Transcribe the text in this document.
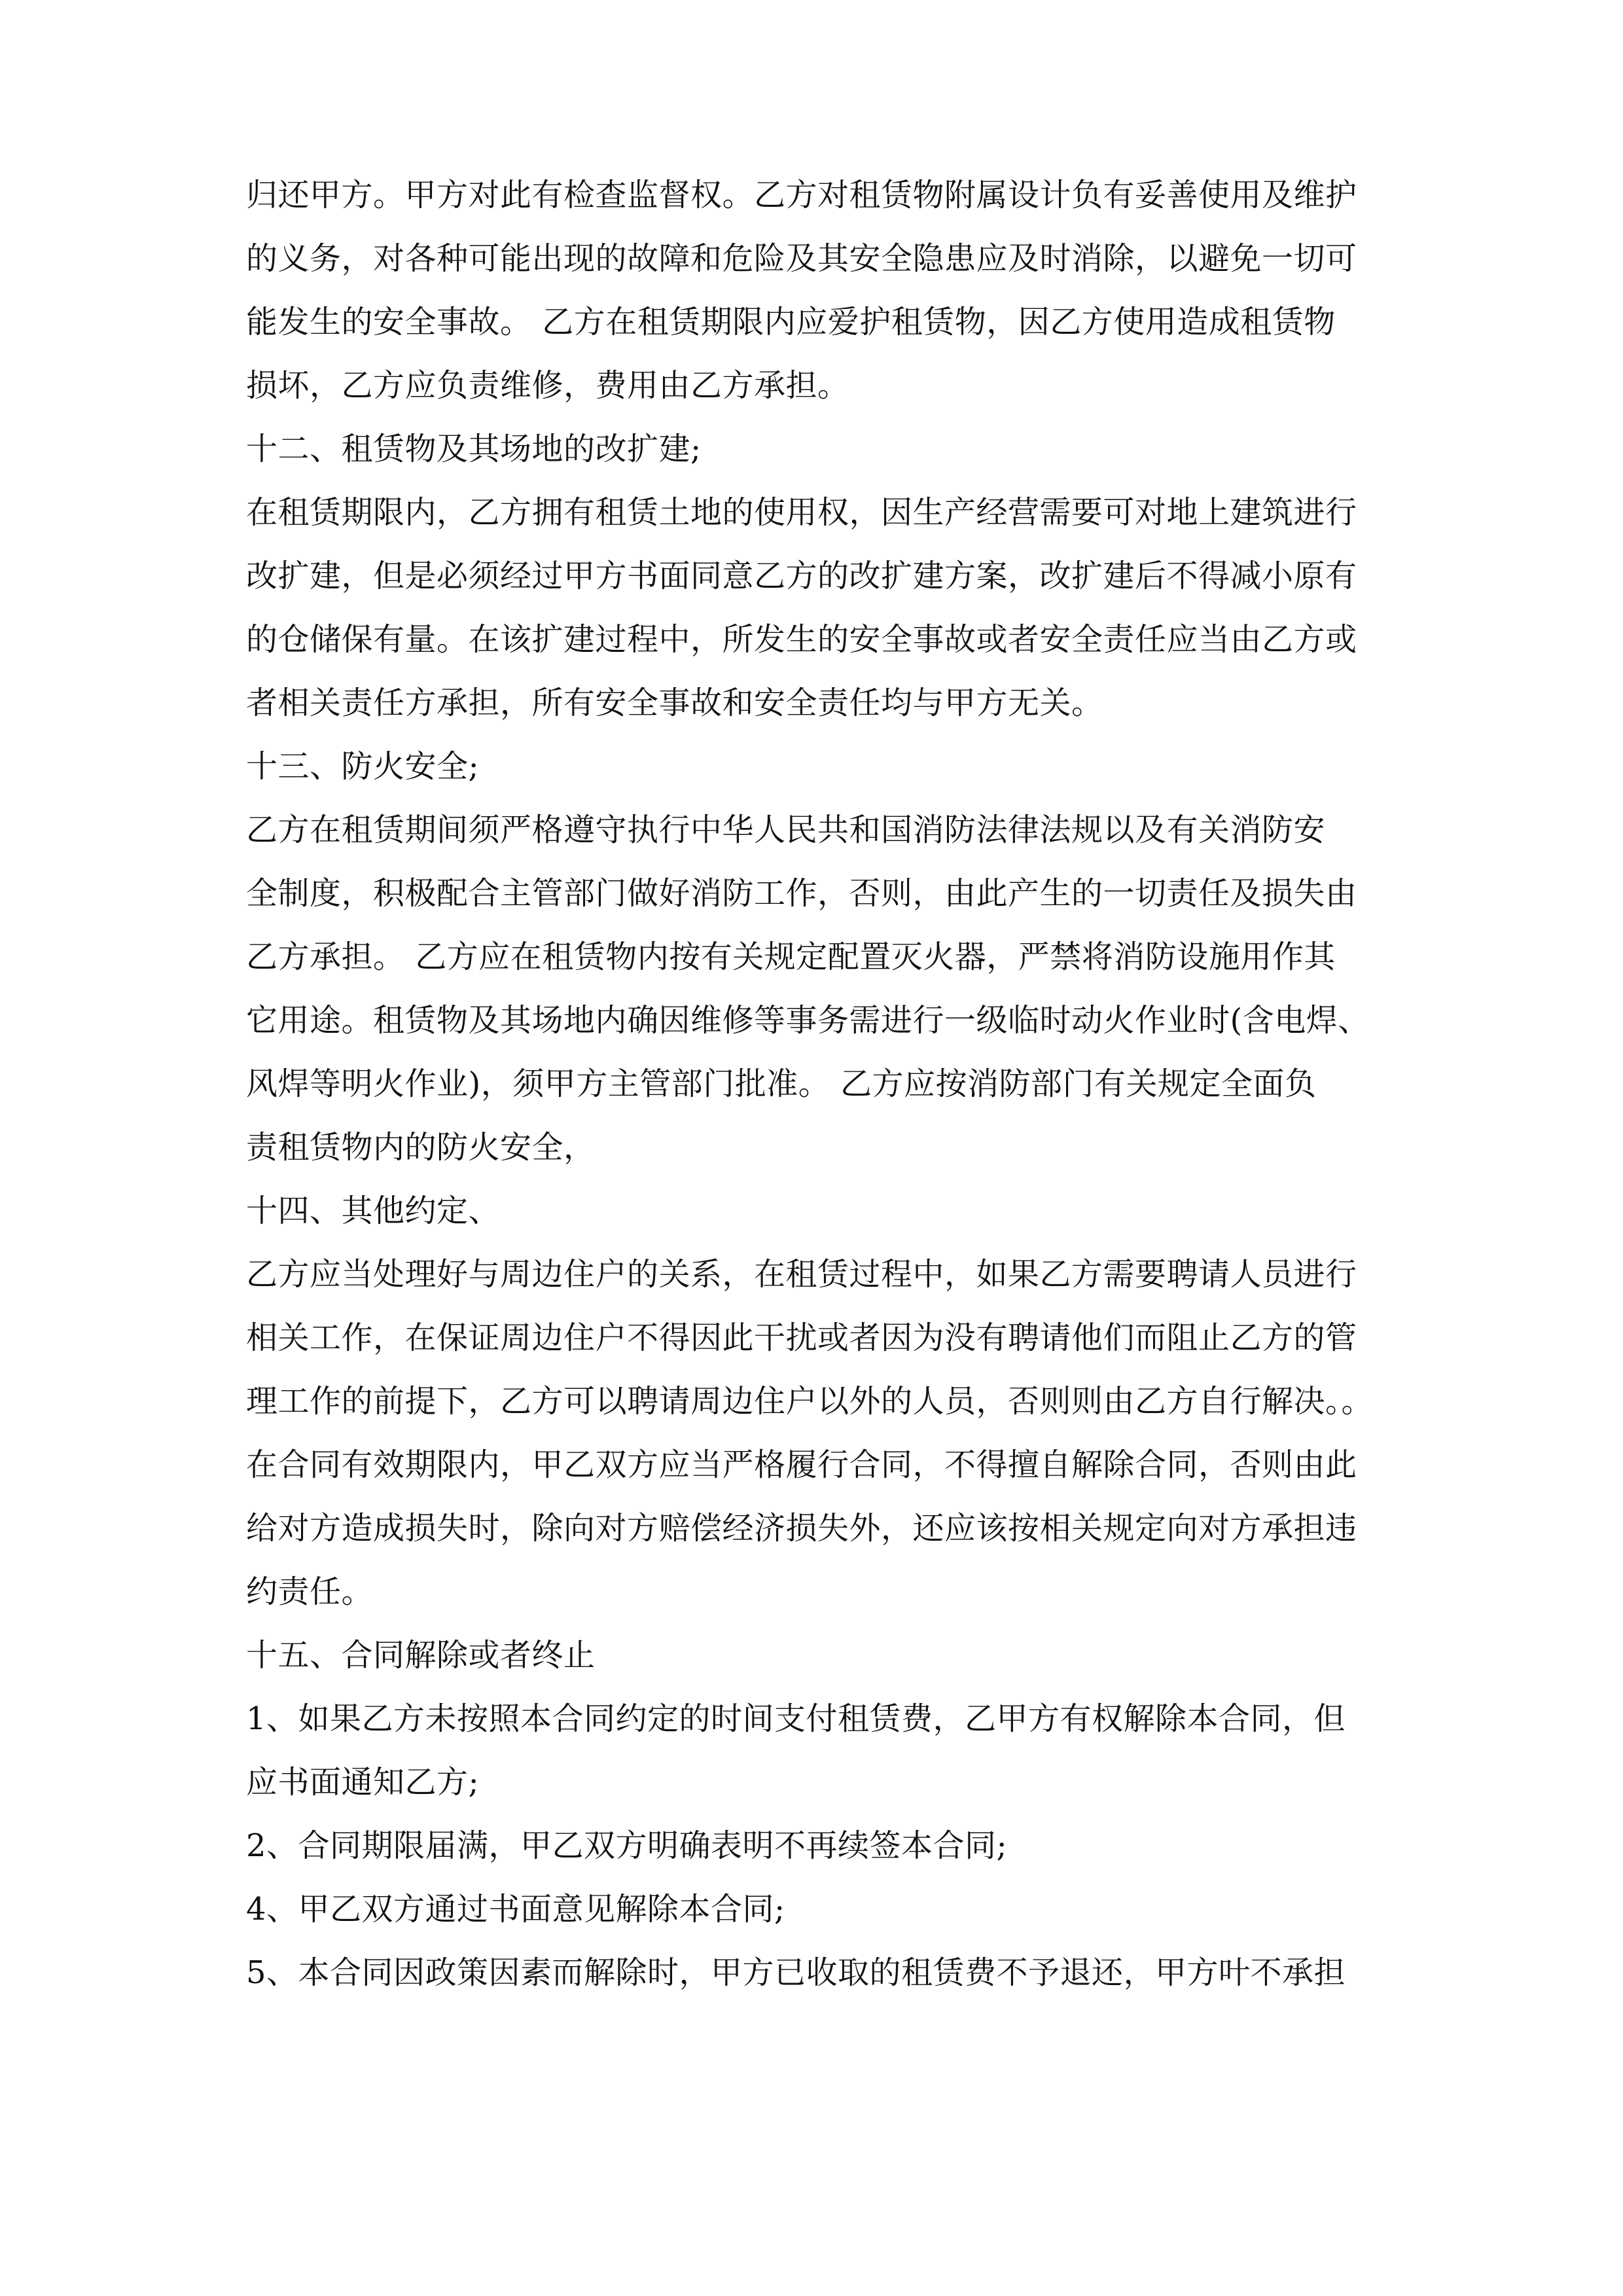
归还甲方。甲方对此有检查监督权。乙方对租赁物附属设计负有妥善使用及维护
的义务，对各种可能出现的故障和危险及其安全隐患应及时消除，以避免一切可
能发生的安全事故。 乙方在租赁期限内应爱护租赁物，因乙方使用造成租赁物
损坏，乙方应负责维修，费用由乙方承担。
十二、租赁物及其场地的改扩建;
在租赁期限内，乙方拥有租赁土地的使用权，因生产经营需要可对地上建筑进行
改扩建，但是必须经过甲方书面同意乙方的改扩建方案，改扩建后不得减小原有
的仓储保有量。在该扩建过程中，所发生的安全事故或者安全责任应当由乙方或
者相关责任方承担，所有安全事故和安全责任均与甲方无关。
十三、防火安全;
乙方在租赁期间须严格遵守执行中华人民共和国消防法律法规以及有关消防安
全制度，积极配合主管部门做好消防工作，否则，由此产生的一切责任及损失由
乙方承担。 乙方应在租赁物内按有关规定配置灭火器，严禁将消防设施用作其
它用途。租赁物及其场地内确因维修等事务需进行一级临时动火作业时(含电焊、
风焊等明火作业)，须甲方主管部门批准。 乙方应按消防部门有关规定全面负
责租赁物内的防火安全，
十四、其他约定、
乙方应当处理好与周边住户的关系，在租赁过程中，如果乙方需要聘请人员进行
相关工作，在保证周边住户不得因此干扰或者因为没有聘请他们而阻止乙方的管
理工作的前提下，乙方可以聘请周边住户以外的人员，否则则由乙方自行解决。。
在合同有效期限内，甲乙双方应当严格履行合同，不得擅自解除合同，否则由此
给对方造成损失时，除向对方赔偿经济损失外，还应该按相关规定向对方承担违
约责任。
十五、合同解除或者终止
1、如果乙方未按照本合同约定的时间支付租赁费，乙甲方有权解除本合同，但
应书面通知乙方;
2、合同期限届满，甲乙双方明确表明不再续签本合同;
4、甲乙双方通过书面意见解除本合同;
5、本合同因政策因素而解除时，甲方已收取的租赁费不予退还，甲方叶不承担
